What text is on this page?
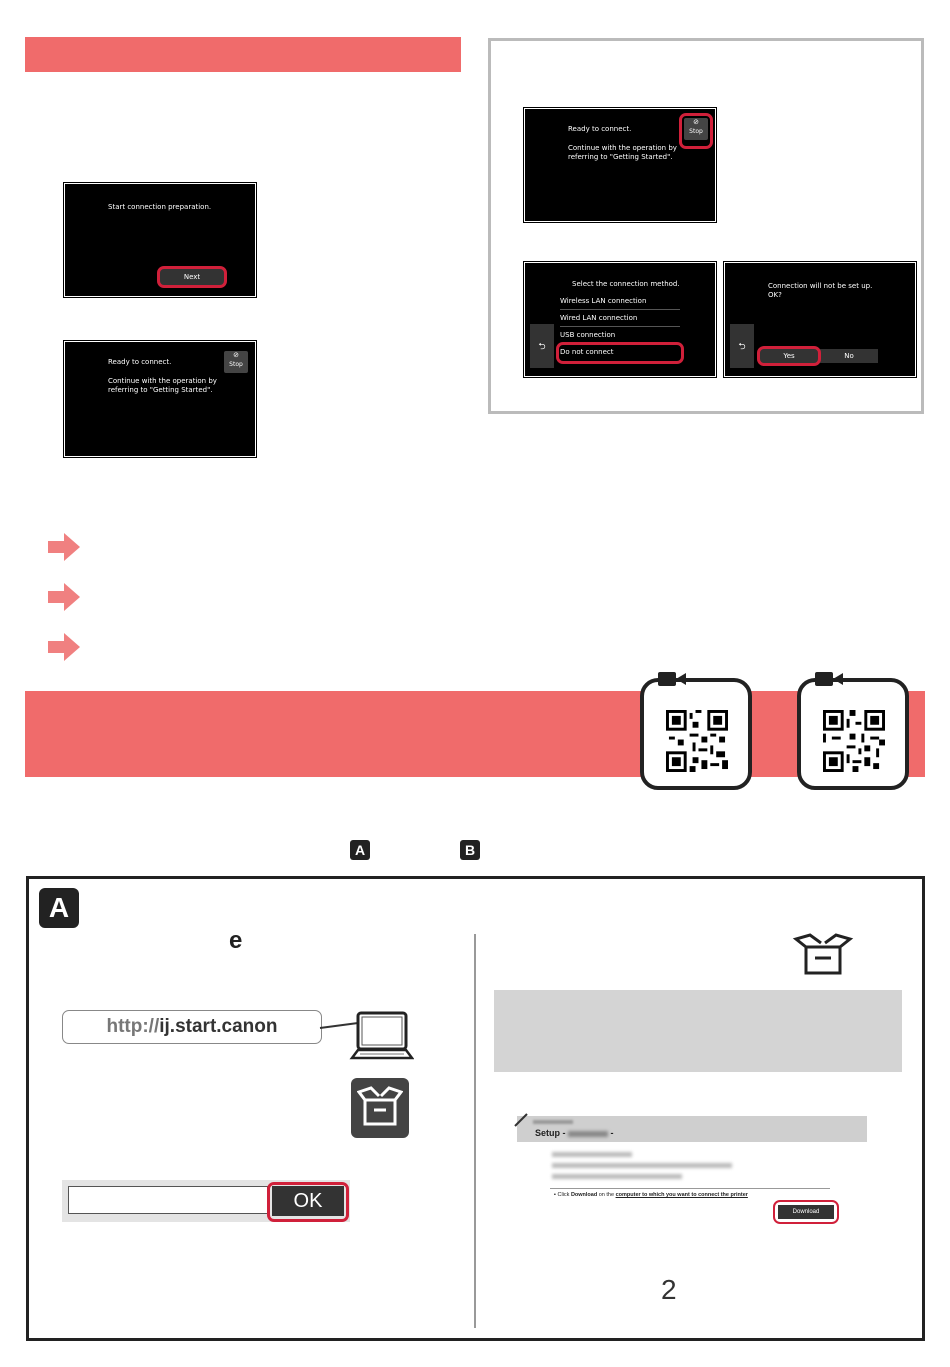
Start connection preparation.
Next
Ready to connect.
Continue with the operation by
referring to "Getting Started".
⊘
Stop
Ready to connect.
Continue with the operation by
referring to "Getting Started".
⊘
Stop
Select the connection method.
⮌
Wireless LAN connection
Wired LAN connection
USB connection
Do not connect
Connection will not be set up.
OK?
⮌
Yes	No
A	B
A
e
http://ij.start.canon
OK
Setup -	-
▪ Click Download on the computer to which you want to connect the printer
Download
2
